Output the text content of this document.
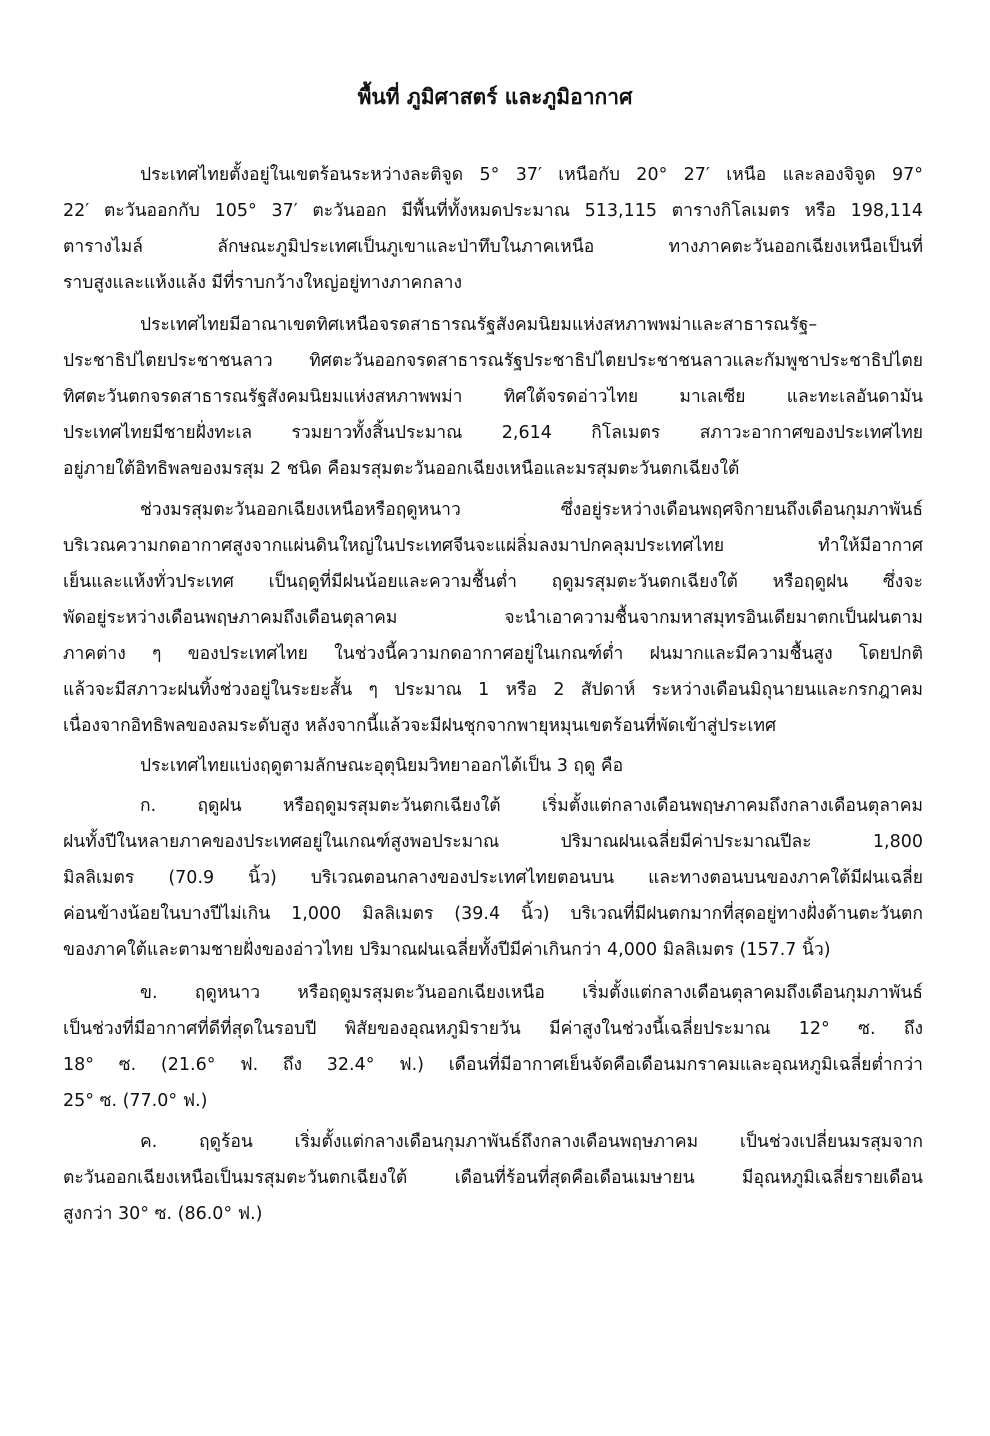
พื้นที่ ภูมิศาสตร์ และภูมิอากาศ

ประเทศไทยตั้งอยู่ในเขตร้อนระหว่างละติจูด 5° 37′ เหนือกับ 20° 27′ เหนือ และลองจิจูด 97°

22′ ตะวันออกกับ 105° 37′ ตะวันออก มีพื้นที่ทั้งหมดประมาณ 513,115 ตารางกิโลเมตร หรือ 198,114

ตารางไมล์ ลักษณะภูมิประเทศเป็นภูเขาและป่าทึบในภาคเหนือ ทางภาคตะวันออกเฉียงเหนือเป็นที่

ราบสูงและแห้งแล้ง มีที่ราบกว้างใหญ่อยู่ทางภาคกลาง

ประเทศไทยมีอาณาเขตทิศเหนือจรดสาธารณรัฐสังคมนิยมแห่งสหภาพพม่าและสาธารณรัฐ–

ประชาธิปไตยประชาชนลาว ทิศตะวันออกจรดสาธารณรัฐประชาธิปไตยประชาชนลาวและกัมพูชาประชาธิปไตย

ทิศตะวันตกจรดสาธารณรัฐสังคมนิยมแห่งสหภาพพม่า ทิศใต้จรดอ่าวไทย มาเลเซีย และทะเลอันดามัน

ประเทศไทยมีชายฝั่งทะเล รวมยาวทั้งสิ้นประมาณ 2,614 กิโลเมตร สภาวะอากาศของประเทศไทย

อยู่ภายใต้อิทธิพลของมรสุม 2 ชนิด คือมรสุมตะวันออกเฉียงเหนือและมรสุมตะวันตกเฉียงใต้

ช่วงมรสุมตะวันออกเฉียงเหนือหรือฤดูหนาว ซึ่งอยู่ระหว่างเดือนพฤศจิกายนถึงเดือนกุมภาพันธ์

บริเวณความกดอากาศสูงจากแผ่นดินใหญ่ในประเทศจีนจะแผ่ลิ่มลงมาปกคลุมประเทศไทย ทำให้มีอากาศ

เย็นและแห้งทั่วประเทศ เป็นฤดูที่มีฝนน้อยและความชื้นต่ำ ฤดูมรสุมตะวันตกเฉียงใต้ หรือฤดูฝน ซึ่งจะ

พัดอยู่ระหว่างเดือนพฤษภาคมถึงเดือนตุลาคม จะนำเอาความชื้นจากมหาสมุทรอินเดียมาตกเป็นฝนตาม

ภาคต่าง ๆ ของประเทศไทย ในช่วงนี้ความกดอากาศอยู่ในเกณฑ์ต่ำ ฝนมากและมีความชื้นสูง โดยปกติ

แล้วจะมีสภาวะฝนทิ้งช่วงอยู่ในระยะสั้น ๆ ประมาณ 1 หรือ 2 สัปดาห์ ระหว่างเดือนมิถุนายนและกรกฎาคม

เนื่องจากอิทธิพลของลมระดับสูง หลังจากนี้แล้วจะมีฝนชุกจากพายุหมุนเขตร้อนที่พัดเข้าสู่ประเทศ

ประเทศไทยแบ่งฤดูตามลักษณะอุตุนิยมวิทยาออกได้เป็น 3 ฤดู คือ

ก. ฤดูฝน หรือฤดูมรสุมตะวันตกเฉียงใต้ เริ่มตั้งแต่กลางเดือนพฤษภาคมถึงกลางเดือนตุลาคม

ฝนทั้งปีในหลายภาคของประเทศอยู่ในเกณฑ์สูงพอประมาณ ปริมาณฝนเฉลี่ยมีค่าประมาณปีละ 1,800

มิลลิเมตร (70.9 นิ้ว) บริเวณตอนกลางของประเทศไทยตอนบน และทางตอนบนของภาคใต้มีฝนเฉลี่ย

ค่อนข้างน้อยในบางปีไม่เกิน 1,000 มิลลิเมตร (39.4 นิ้ว) บริเวณที่มีฝนตกมากที่สุดอยู่ทางฝั่งด้านตะวันตก

ของภาคใต้และตามชายฝั่งของอ่าวไทย ปริมาณฝนเฉลี่ยทั้งปีมีค่าเกินกว่า 4,000 มิลลิเมตร (157.7 นิ้ว)

ข. ฤดูหนาว หรือฤดูมรสุมตะวันออกเฉียงเหนือ เริ่มตั้งแต่กลางเดือนตุลาคมถึงเดือนกุมภาพันธ์

เป็นช่วงที่มีอากาศที่ดีที่สุดในรอบปี พิสัยของอุณหภูมิรายวัน มีค่าสูงในช่วงนี้เฉลี่ยประมาณ 12° ซ. ถึง

18° ซ. (21.6° ฟ. ถึง 32.4° ฟ.) เดือนที่มีอากาศเย็นจัดคือเดือนมกราคมและอุณหภูมิเฉลี่ยต่ำกว่า

25° ซ. (77.0° ฟ.)

ค. ฤดูร้อน เริ่มตั้งแต่กลางเดือนกุมภาพันธ์ถึงกลางเดือนพฤษภาคม เป็นช่วงเปลี่ยนมรสุมจาก

ตะวันออกเฉียงเหนือเป็นมรสุมตะวันตกเฉียงใต้ เดือนที่ร้อนที่สุดคือเดือนเมษายน มีอุณหภูมิเฉลี่ยรายเดือน

สูงกว่า 30° ซ. (86.0° ฟ.)
